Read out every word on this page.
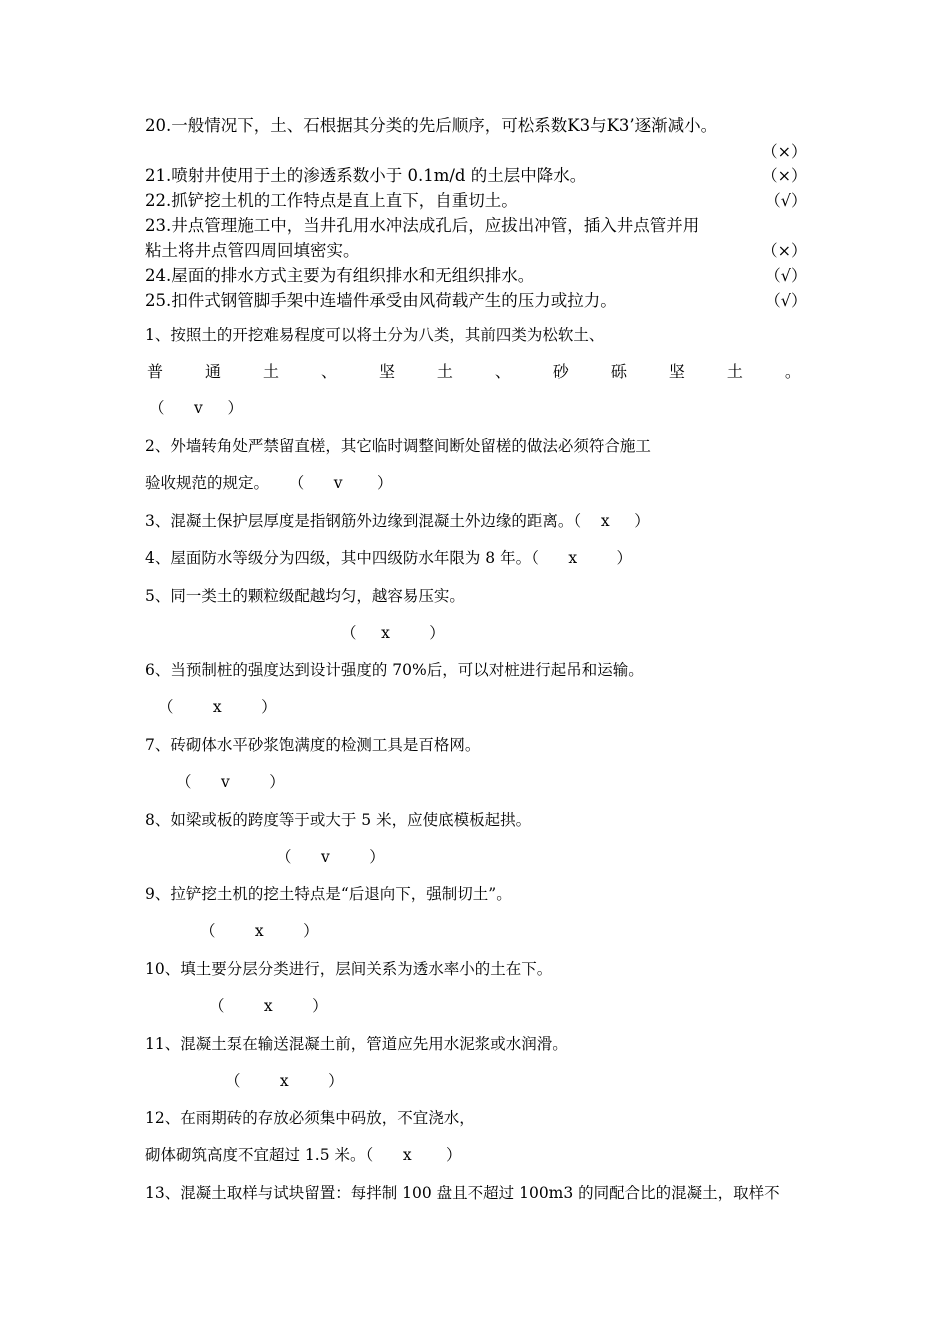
20.一般情况下，土、石根据其分类的先后顺序，可松系数K3与K3’逐渐减小。
（×）
21.喷射井使用于土的渗透系数小于 0.1m/d 的土层中降水。	（×）
22.抓铲挖土机的工作特点是直上直下，自重切土。	（√）
23.井点管理施工中，当井孔用水冲法成孔后，应拔出冲管，插入井点管并用
粘土将井点管四周回填密实。	（×）
24.屋面的排水方式主要为有组织排水和无组织排水。	（√）
25.扣件式钢管脚手架中连墙件承受由风荷载产生的压力或拉力。	（√）
1、按照土的开挖难易程度可以将土分为八类，其前四类为松软土、
普	通	土	、	坚	土	、	砂	砾	坚	土	。
（      v     ）
2、外墙转角处严禁留直槎，其它临时调整间断处留槎的做法必须符合施工
验收规范的规定。    （      v       ）
3、混凝土保护层厚度是指钢筋外边缘到混凝土外边缘的距离。（    x     ）
4、屋面防水等级分为四级，其中四级防水年限为 8 年。（      x        ）
5、同一类土的颗粒级配越均匀，越容易压实。
（     x        ）
6、当预制桩的强度达到设计强度的 70%后，可以对桩进行起吊和运输。
（        x        ）
7、砖砌体水平砂浆饱满度的检测工具是百格网。
（      v        ）
8、如梁或板的跨度等于或大于 5 米，应使底模板起拱。
（      v        ）
9、拉铲挖土机的挖土特点是“后退向下，强制切土”。
（        x        ）
10、填土要分层分类进行，层间关系为透水率小的土在下。
（        x        ）
11、混凝土泵在输送混凝土前，管道应先用水泥浆或水润滑。
（        x        ）
12、在雨期砖的存放必须集中码放，不宜浇水，
砌体砌筑高度不宜超过 1.5 米。（      x       ）
13、混凝土取样与试块留置：每拌制 100 盘且不超过 100m3 的同配合比的混凝土，取样不
